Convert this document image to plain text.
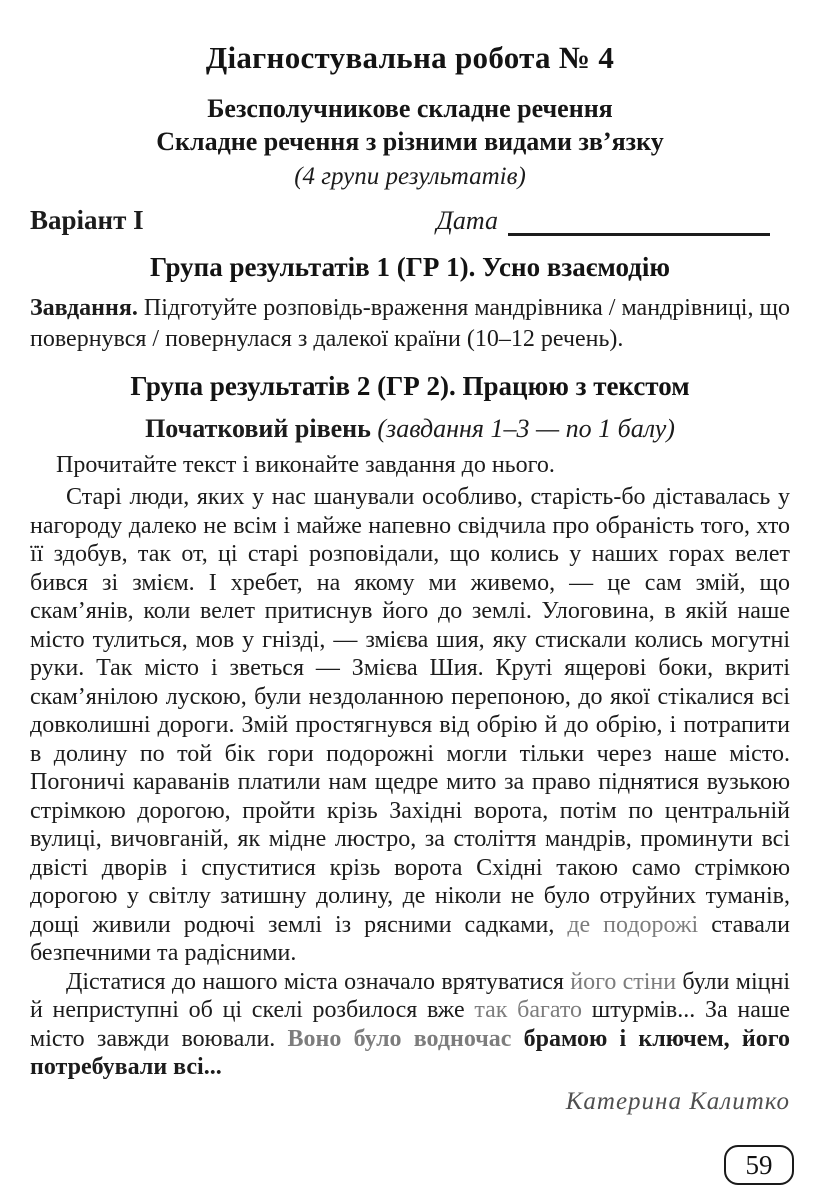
Діагностувальна робота № 4

Безсполучникове складне речення

Складне речення з різними видами зв’язку

(4 групи результатів)

Варіант І	Дата
Група результатів 1 (ГР 1). Усно взаємодію

Завдання. Підготуйте розповідь-враження мандрівника / мандрівниці, що повернувся / повернулася з далекої країни (10–12 речень).

Група результатів 2 (ГР 2). Працюю з текстом
Початковий рівень (завдання 1–3 — по 1 балу)

Прочитайте текст і виконайте завдання до нього.

Старі люди, яких у нас шанували особливо, старість-бо діставалась у нагороду далеко не всім і майже напевно свідчила про обраність того, хто її здобув, так от, ці старі розповідали, що колись у наших горах велет бився зі змієм. І хребет, на якому ми живемо, — це сам змій, що скам’янів, коли велет притиснув його до землі. Улоговина, в якій наше місто тулиться, мов у гнізді, — змієва шия, яку стискали колись могутні руки. Так місто і зветься — Змієва Шия. Круті ящерові боки, вкриті скам’янілою лускою, були нездоланною перепоною, до якої стікалися всі довколишні дороги. Змій простягнувся від обрію й до обрію, і потрапити в долину по той бік гори подорожні могли тільки через наше місто. Погоничі караванів платили нам щедре мито за право піднятися вузькою стрімкою дорогою, пройти крізь Західні ворота, потім по центральній вулиці, вичовганій, як мідне люстро, за століття мандрів, проминути всі двісті дворів і спуститися крізь ворота Східні такою само стрімкою дорогою у світлу затишну долину, де ніколи не було отруйних туманів, дощі живили родючі землі із рясними садками, де подорожі ставали безпечними та радісними.

Дістатися до нашого міста означало врятуватися його стіни були міцні й неприступні об ці скелі розбилося вже так багато штурмів... За наше місто завжди воювали. Воно було водночас брамою і ключем, його потребували всі...

Катерина Калитко
59
